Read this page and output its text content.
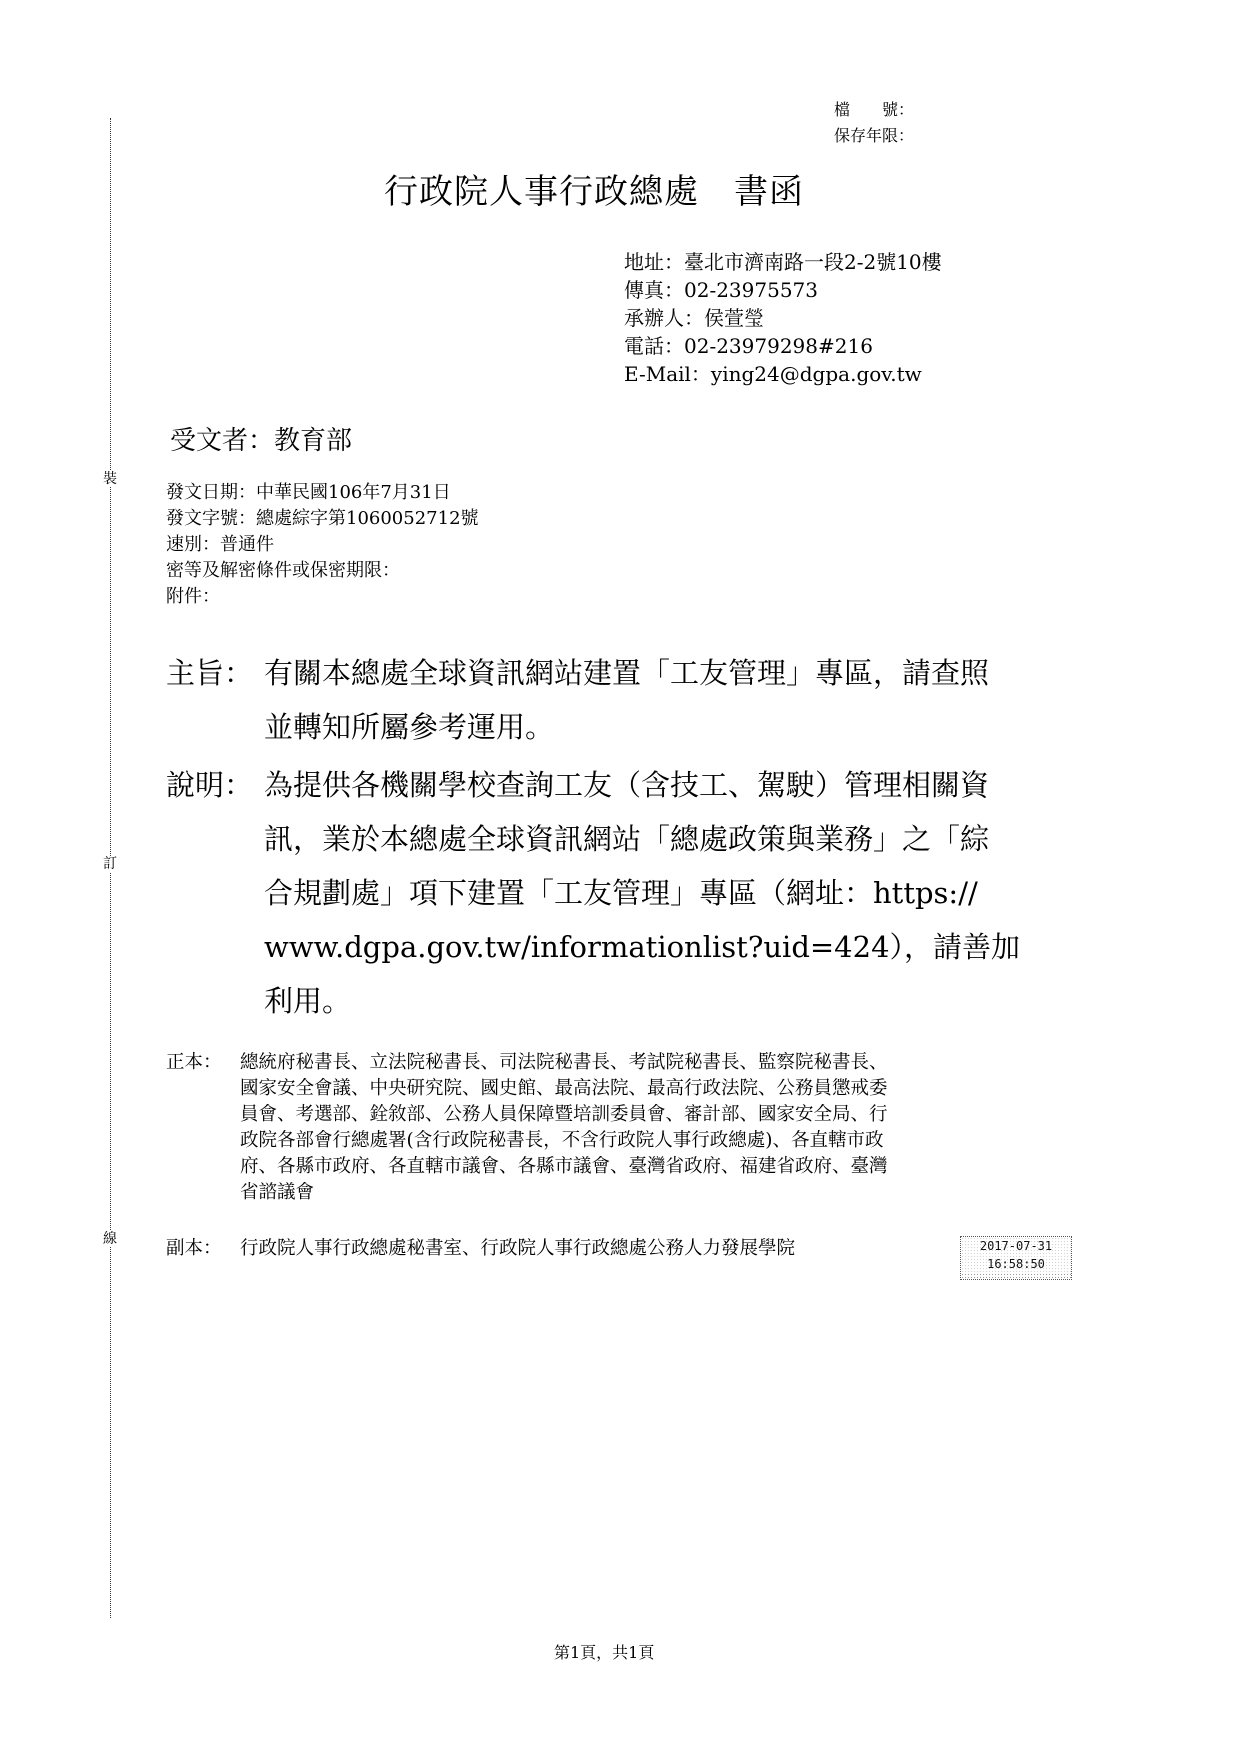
裝
訂
線
檔　　號：
保存年限：
行政院人事行政總處　書函
地址：臺北市濟南路一段2-2號10樓
傳真：02-23975573
承辦人：侯萱瑩
電話：02-23979298#216
E-Mail：ying24@dgpa.gov.tw
受文者：教育部
發文日期：中華民國106年7月31日
發文字號：總處綜字第1060052712號
速別：普通件
密等及解密條件或保密期限：
附件：
主旨： 有關本總處全球資訊網站建置「工友管理」專區，請查照
並轉知所屬參考運用。
說明： 為提供各機關學校查詢工友（含技工、駕駛）管理相關資
訊，業於本總處全球資訊網站「總處政策與業務」之「綜
合規劃處」項下建置「工友管理」專區（網址：https://
www.dgpa.gov.tw/informationlist?uid=424），請善加
利用。
正本： 總統府秘書長、立法院秘書長、司法院秘書長、考試院秘書長、監察院秘書長、
國家安全會議、中央研究院、國史館、最高法院、最高行政法院、公務員懲戒委
員會、考選部、銓敘部、公務人員保障暨培訓委員會、審計部、國家安全局、行
政院各部會行總處署(含行政院秘書長，不含行政院人事行政總處)、各直轄市政
府、各縣市政府、各直轄市議會、各縣市議會、臺灣省政府、福建省政府、臺灣
省諮議會
副本： 行政院人事行政總處秘書室、行政院人事行政總處公務人力發展學院	2017-07-31
16:58:50
第1頁，共1頁
